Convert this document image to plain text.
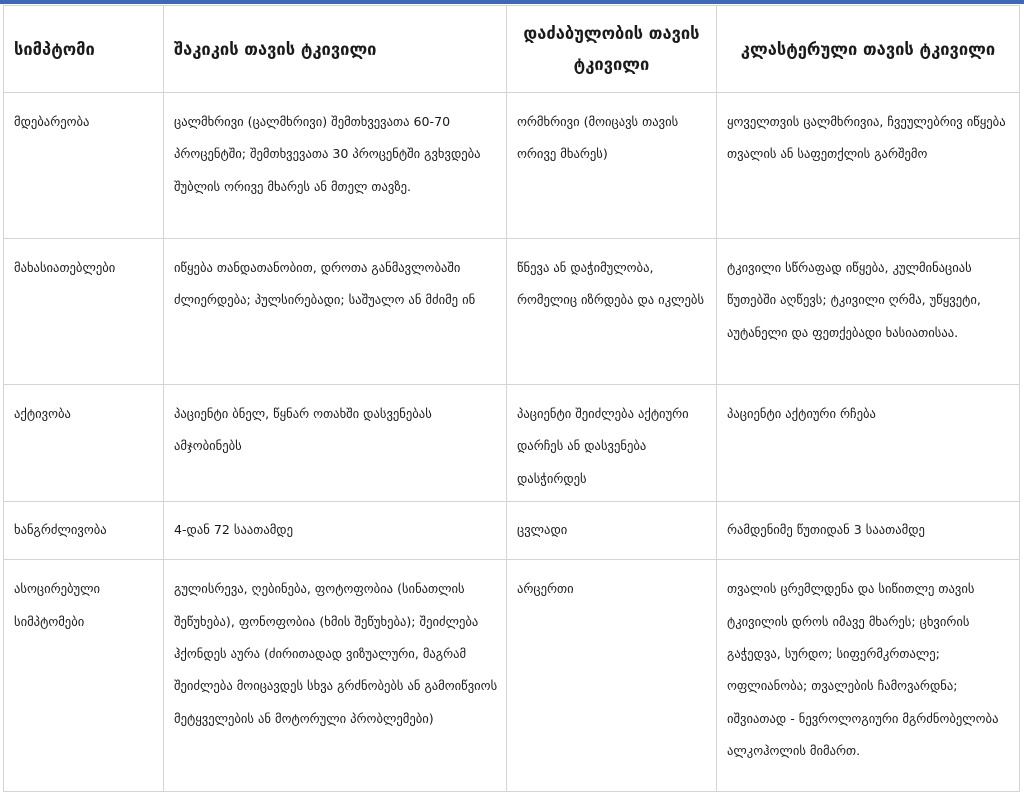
სიმპტომი	შაკიკის თავის ტკივილი	დაძაბულობის თავის ტკივილი	კლასტერული თავის ტკივილი
მდებარეობა	ცალმხრივი (ცალმხრივი) შემთხვევათა 60-70 პროცენტში; შემთხვევათა 30 პროცენტში გვხვდება შუბლის ორივე მხარეს ან მთელ თავზე.	ორმხრივი (მოიცავს თავის ორივე მხარეს)	ყოველთვის ცალმხრივია, ჩვეულებრივ იწყება თვალის ან საფეთქლის გარშემო
მახასიათებლები	იწყება თანდათანობით, დროთა განმავლობაში ძლიერდება; პულსირებადი; საშუალო ან მძიმე ინ	წნევა ან დაჭიმულობა, რომელიც იზრდება და იკლებს	ტკივილი სწრაფად იწყება, კულმინაციას წუთებში აღწევს; ტკივილი ღრმა, უწყვეტი, აუტანელი და ფეთქებადი ხასიათისაა.
აქტივობა	პაციენტი ბნელ, წყნარ ოთახში დასვენებას ამჯობინებს	პაციენტი შეიძლება აქტიური დარჩეს ან დასვენება დასჭირდეს	პაციენტი აქტიური რჩება
ხანგრძლივობა	4-დან 72 საათამდე	ცვლადი	რამდენიმე წუთიდან 3 საათამდე
ასოცირებული სიმპტომები	გულისრევა, ღებინება, ფოტოფობია (სინათლის შეწუხება), ფონოფობია (ხმის შეწუხება); შეიძლება ჰქონდეს აურა (ძირითადად ვიზუალური, მაგრამ შეიძლება მოიცავდეს სხვა გრძნობებს ან გამოიწვიოს მეტყველების ან მოტორული პრობლემები)	არცერთი	თვალის ცრემლდენა და სიწითლე თავის ტკივილის დროს იმავე მხარეს; ცხვირის გაჭედვა, სურდო; სიფერმკრთალე; ოფლიანობა; თვალების ჩამოვარდნა; იშვიათად - ნევროლოგიური მგრძნობელობა ალკოჰოლის მიმართ.
